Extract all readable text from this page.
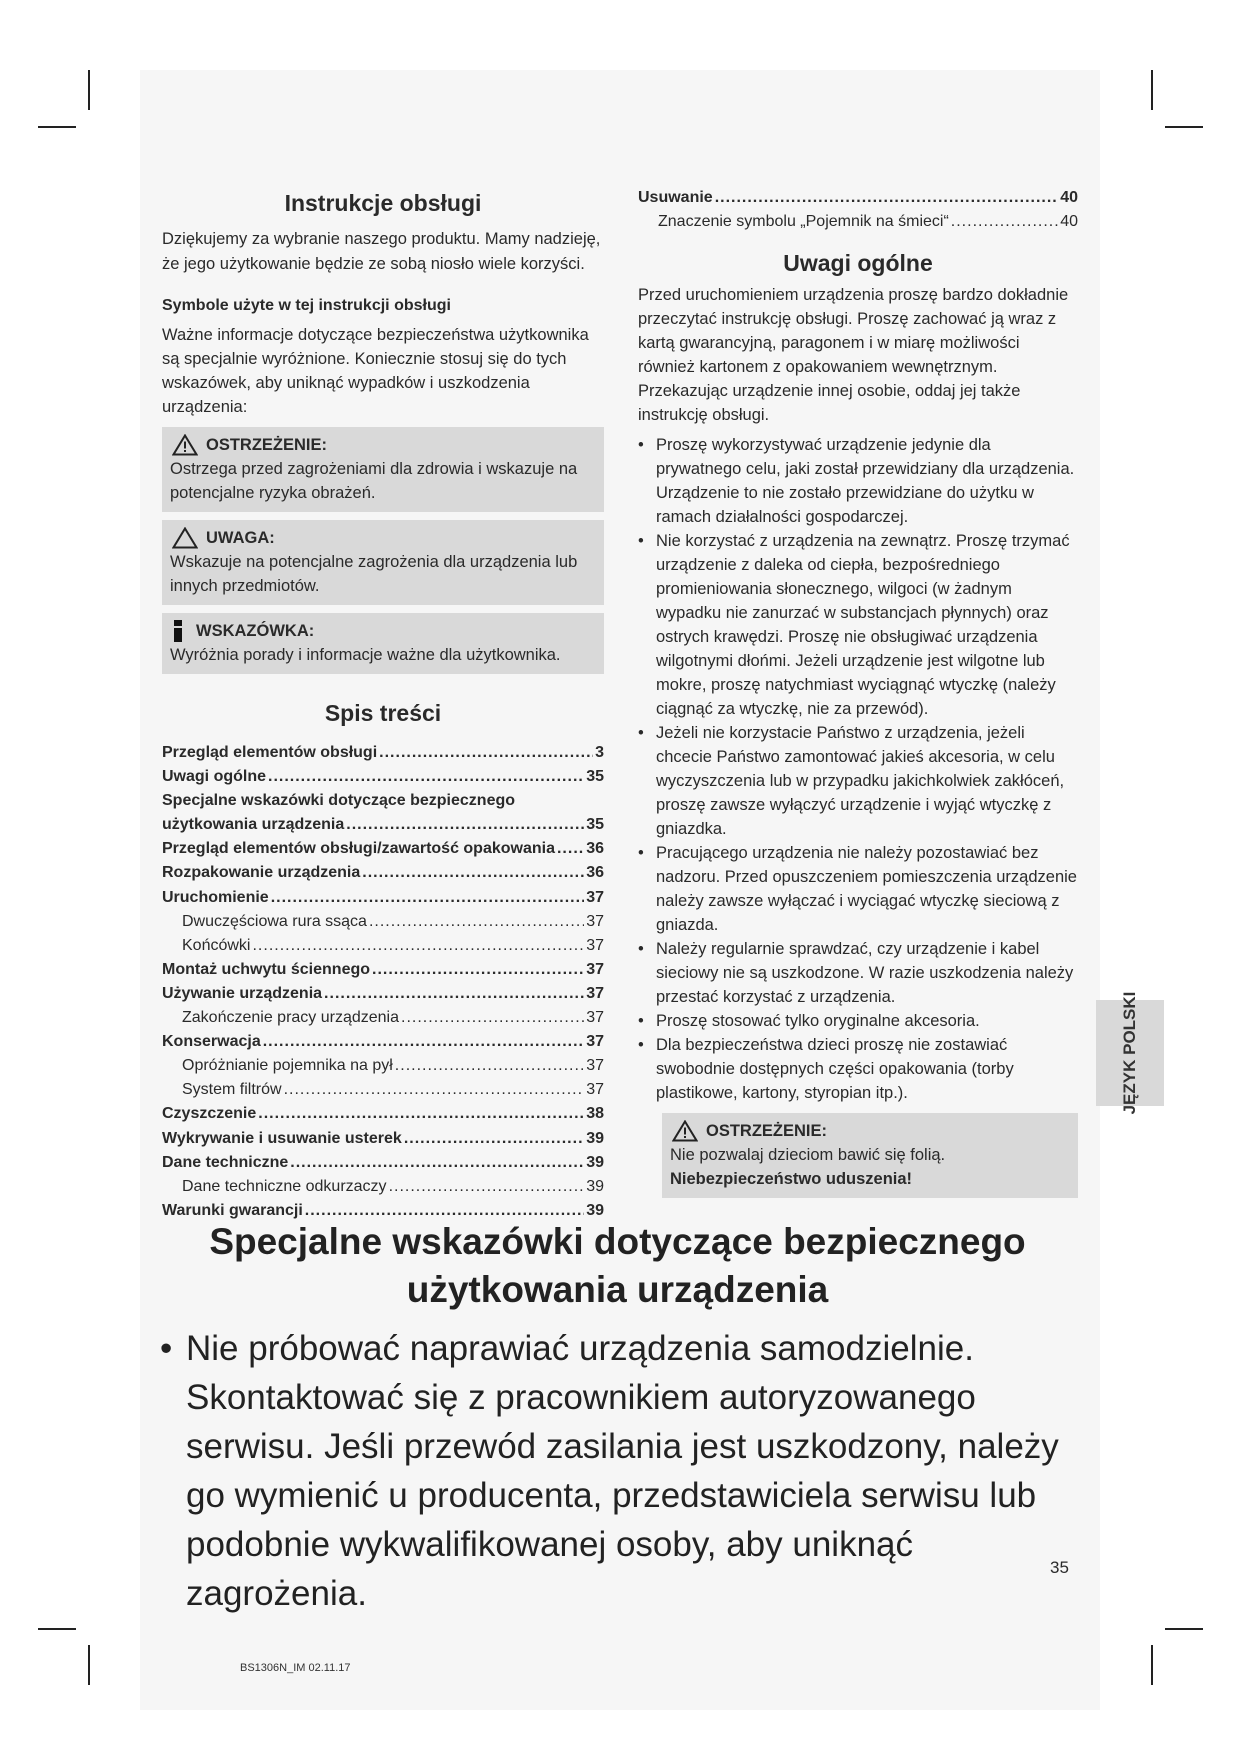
Instrukcje obsługi

Dziękujemy za wybranie naszego produktu. Mamy nadzieję, że jego użytkowanie będzie ze sobą niosło wiele korzyści.

Symbole użyte w tej instrukcji obsługi

Ważne informacje dotyczące bezpieczeństwa użytkownika są specjalnie wyróżnione. Koniecznie stosuj się do tych wskazówek, aby uniknąć wypadków i uszkodzenia urządzenia:

OSTRZEŻENIE:

Ostrzega przed zagrożeniami dla zdrowia i wskazuje na potencjalne ryzyka obrażeń.

UWAGA:

Wskazuje na potencjalne zagrożenia dla urządzenia lub innych przedmiotów.

WSKAZÓWKA:

Wyróżnia porady i informacje ważne dla użytkownika.

Spis treści
Przegląd elementów obsługi .....	3
Uwagi ogólne .....	35
Specjalne wskazówki dotyczące bezpiecznego
użytkowania urządzenia .....	35
Przegląd elementów obsługi/zawartość opakowania ..... 36
Rozpakowanie urządzenia .....	36
Uruchomienie .....	37
Dwuczęściowa rura ssąca .....	37
Końcówki .....	37
Montaż uchwytu ściennego .....	37
Używanie urządzenia .....	37
Zakończenie pracy urządzenia .....	37
Konserwacja .....	37
Opróżnianie pojemnika na pył .....	37
System filtrów .....	37
Czyszczenie .....	38
Wykrywanie i usuwanie usterek .....	39
Dane techniczne .....	39
Dane techniczne odkurzaczy .....	39
Warunki gwarancji .....	39
Usuwanie .....	40
Znaczenie symbolu „Pojemnik na śmieci“ .....	40
Uwagi ogólne

Przed uruchomieniem urządzenia proszę bardzo dokładnie przeczytać instrukcję obsługi. Proszę zachować ją wraz z kartą gwarancyjną, paragonem i w miarę możliwości również kartonem z opakowaniem wewnętrznym. Przekazując urządzenie innej osobie, oddaj jej także instrukcję obsługi.

• Proszę wykorzystywać urządzenie jedynie dla prywatnego celu, jaki został przewidziany dla urządzenia. Urządzenie to nie zostało przewidziane do użytku w ramach działalności gospodarczej.
• Nie korzystać z urządzenia na zewnątrz. Proszę trzymać urządzenie z daleka od ciepła, bezpośredniego promieniowania słonecznego, wilgoci (w żadnym wypadku nie zanurzać w substancjach płynnych) oraz ostrych krawędzi. Proszę nie obsługiwać urządzenia wilgotnymi dłońmi. Jeżeli urządzenie jest wilgotne lub mokre, proszę natychmiast wyciągnąć wtyczkę (należy ciągnąć za wtyczkę, nie za przewód).
• Jeżeli nie korzystacie Państwo z urządzenia, jeżeli chcecie Państwo zamontować jakieś akcesoria, w celu wyczyszczenia lub w przypadku jakichkolwiek zakłóceń, proszę zawsze wyłączyć urządzenie i wyjąć wtyczkę z gniazdka.
• Pracującego urządzenia nie należy pozostawiać bez nadzoru. Przed opuszczeniem pomieszczenia urządzenie należy zawsze wyłączać i wyciągać wtyczkę sieciową z gniazda.
• Należy regularnie sprawdzać, czy urządzenie i kabel sieciowy nie są uszkodzone. W razie uszkodzenia należy przestać korzystać z urządzenia.
• Proszę stosować tylko oryginalne akcesoria.
• Dla bezpieczeństwa dzieci proszę nie zostawiać swobodnie dostępnych części opakowania (torby plastikowe, kartony, styropian itp.).
OSTRZEŻENIE:

Nie pozwalaj dzieciom bawić się folią.

Niebezpieczeństwo uduszenia!

JĘZYK POLSKI
Specjalne wskazówki dotyczące bezpiecznego użytkowania urządzenia
• Nie próbować naprawiać urządzenia samodzielnie. Skontaktować się z pracownikiem autoryzowanego serwisu. Jeśli przewód zasilania jest uszkodzony, należy go wymienić u producenta, przedstawiciela serwisu lub podobnie wykwalifikowanej osoby, aby uniknąć zagrożenia.
35
BS1306N_IM 02.11.17
